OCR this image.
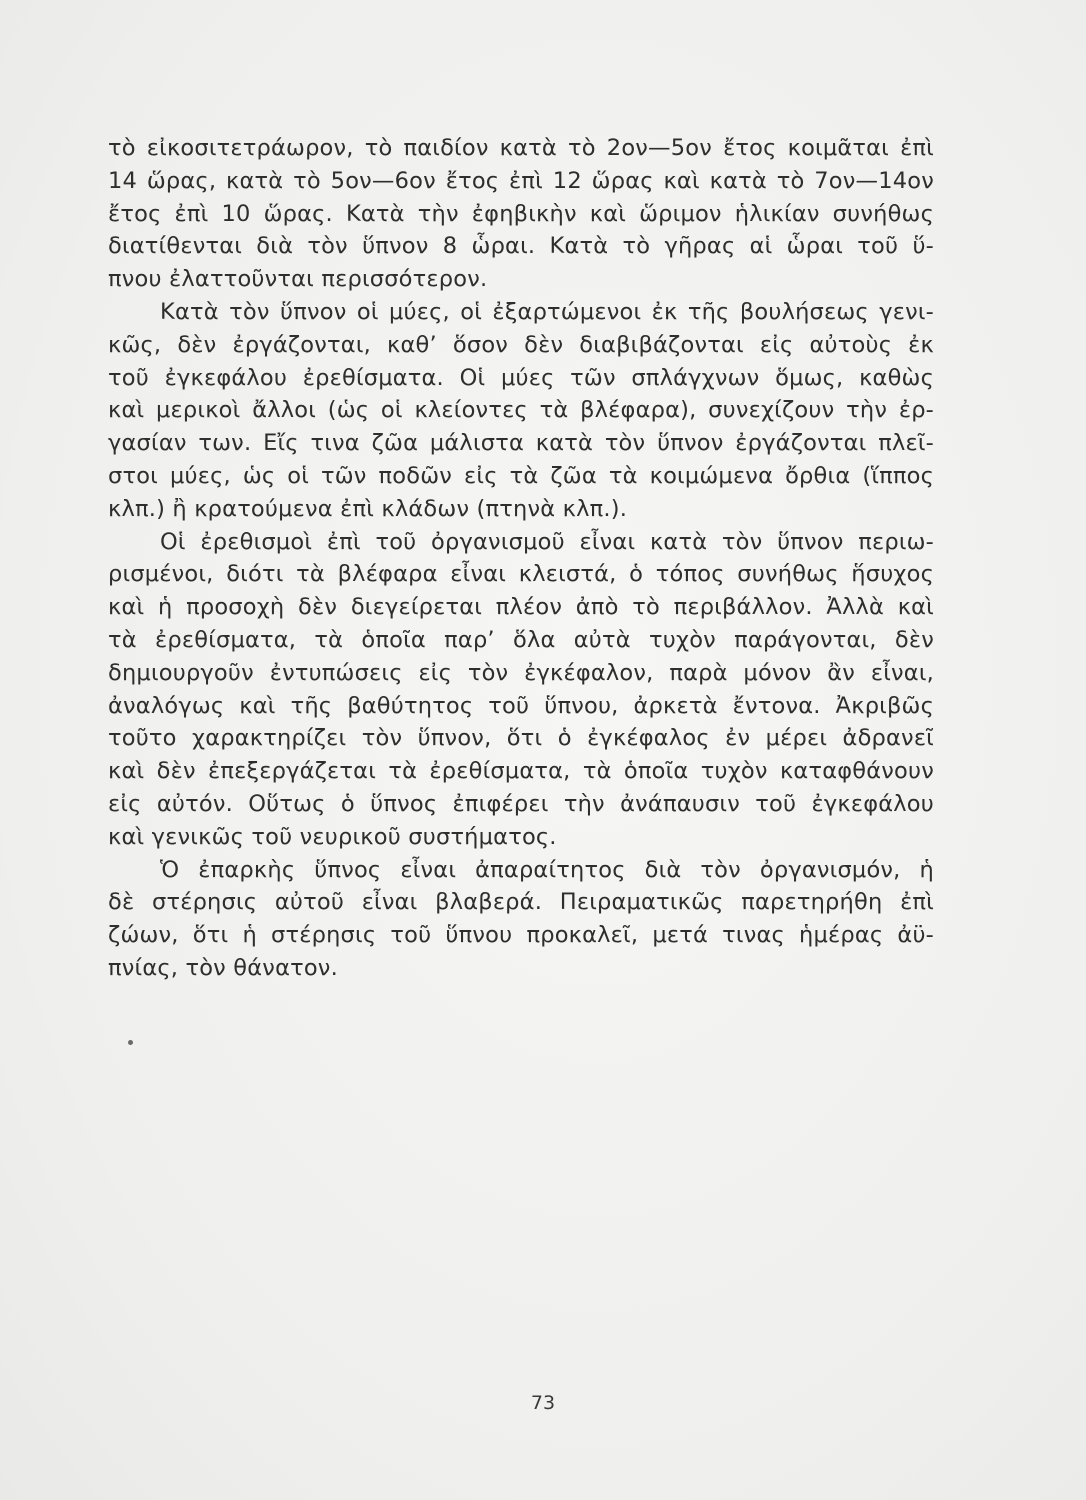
τὸ εἰκοσιτετράωρον, τὸ παιδίον κατὰ τὸ 2ον—5ον ἔτος κοιμᾶται ἐπὶ
14 ὥρας, κατὰ τὸ 5ον—6ον ἔτος ἐπὶ 12 ὥρας καὶ κατὰ τὸ 7ον—14ον
ἔτος ἐπὶ 10 ὥρας. Κατὰ τὴν ἐφηβικὴν καὶ ὥριμον ἡλικίαν συνήθως
διατίθενται διὰ τὸν ὕπνον 8 ὧραι. Κατὰ τὸ γῆρας αἱ ὧραι τοῦ ὕ-
πνου ἐλαττοῦνται περισσότερον.
Κατὰ τὸν ὕπνον οἱ μύες, οἱ ἐξαρτώμενοι ἐκ τῆς βουλήσεως γενι-
κῶς, δὲν ἐργάζονται, καθ’ ὅσον δὲν διαβιβάζονται εἰς αὐτοὺς ἐκ
τοῦ ἐγκεφάλου ἐρεθίσματα. Οἱ μύες τῶν σπλάγχνων ὅμως, καθὼς
καὶ μερικοὶ ἄλλοι (ὡς οἱ κλείοντες τὰ βλέφαρα), συνεχίζουν τὴν ἐρ-
γασίαν των. Εἴς τινα ζῶα μάλιστα κατὰ τὸν ὕπνον ἐργάζονται πλεῖ-
στοι μύες, ὡς οἱ τῶν ποδῶν εἰς τὰ ζῶα τὰ κοιμώμενα ὄρθια (ἵππος
κλπ.) ἢ κρατούμενα ἐπὶ κλάδων (πτηνὰ κλπ.).
Οἱ ἐρεθισμοὶ ἐπὶ τοῦ ὀργανισμοῦ εἶναι κατὰ τὸν ὕπνον περιω-
ρισμένοι, διότι τὰ βλέφαρα εἶναι κλειστά, ὁ τόπος συνήθως ἥσυχος
καὶ ἡ προσοχὴ δὲν διεγείρεται πλέον ἀπὸ τὸ περιβάλλον. Ἀλλὰ καὶ
τὰ ἐρεθίσματα, τὰ ὁποῖα παρ’ ὅλα αὐτὰ τυχὸν παράγονται, δὲν
δημιουργοῦν ἐντυπώσεις εἰς τὸν ἐγκέφαλον, παρὰ μόνον ἂν εἶναι,
ἀναλόγως καὶ τῆς βαθύτητος τοῦ ὕπνου, ἀρκετὰ ἔντονα. Ἀκριβῶς
τοῦτο χαρακτηρίζει τὸν ὕπνον, ὅτι ὁ ἐγκέφαλος ἐν μέρει ἀδρανεῖ
καὶ δὲν ἐπεξεργάζεται τὰ ἐρεθίσματα, τὰ ὁποῖα τυχὸν καταφθάνουν
εἰς αὐτόν. Οὕτως ὁ ὕπνος ἐπιφέρει τὴν ἀνάπαυσιν τοῦ ἐγκεφάλου
καὶ γενικῶς τοῦ νευρικοῦ συστήματος.
Ὁ ἐπαρκὴς ὕπνος εἶναι ἀπαραίτητος διὰ τὸν ὀργανισμόν, ἡ
δὲ στέρησις αὐτοῦ εἶναι βλαβερά. Πειραματικῶς παρετηρήθη ἐπὶ
ζώων, ὅτι ἡ στέρησις τοῦ ὕπνου προκαλεῖ, μετά τινας ἡμέρας ἀϋ-
πνίας, τὸν θάνατον.
73
